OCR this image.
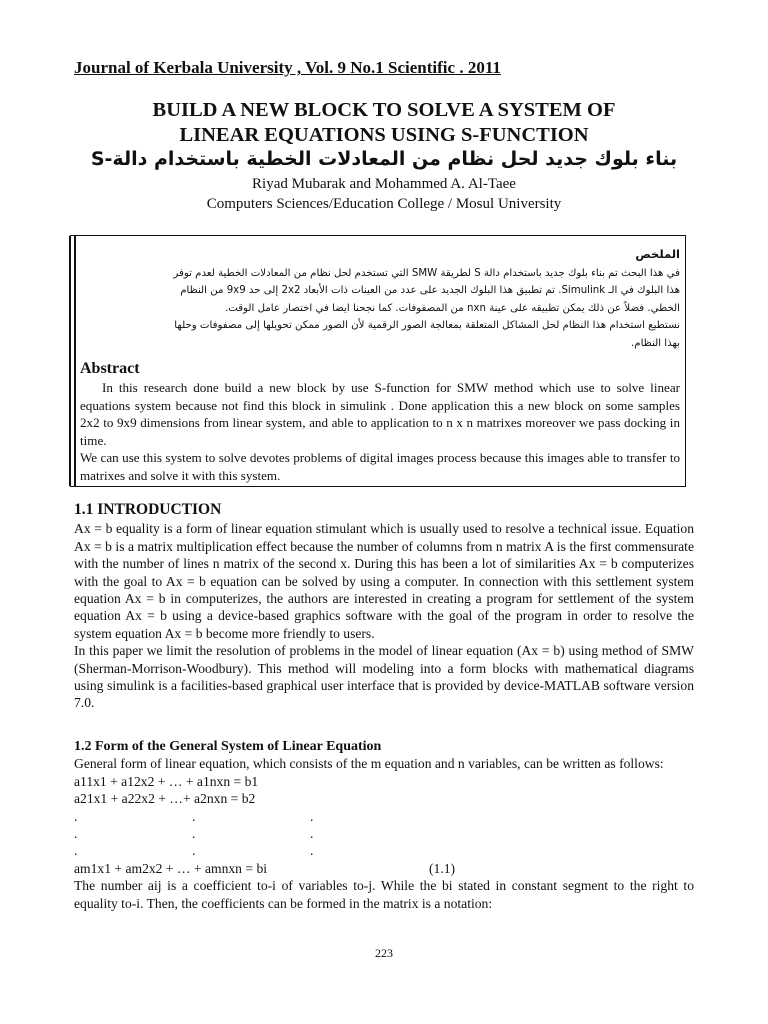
Journal of Kerbala University , Vol. 9 No.1 Scientific . 2011
BUILD A NEW BLOCK TO SOLVE A SYSTEM OF
LINEAR EQUATIONS USING S-FUNCTION
بناء بلوك جديد لحل نظام من المعادلات الخطية باستخدام دالة-S
Riyad Mubarak and Mohammed A. Al-Taee
Computers Sciences/Education College / Mosul University
الملخص
في هذا البحث تم بناء بلوك جديد باستخدام دالة S لطريقة SMW التي تستخدم لحل نظام من المعادلات الخطية لعدم توفر
هذا البلوك في الـ Simulink. تم تطبيق هذا البلوك الجديد على عدد من العينات ذات الأبعاد 2x2 إلى حد 9x9 من النظام
الخطي. فضلاً عن ذلك يمكن تطبيقه على عينة nxn من المصفوفات. كما نجحنا ايضا في اختصار عامل الوقت.
نستطيع استخدام هذا النظام لحل المشاكل المتعلقة بمعالجة الصور الرقمية لأن الصور ممكن تحويلها إلى مصفوفات وحلها
بهذا النظام.
Abstract

In this research done build a new block by use S-function for SMW method which use to solve linear equations system because not find this block in simulink . Done application this a new block on some samples 2x2 to 9x9 dimensions from linear system, and able to application to n x n matrixes moreover we pass docking in time.

We can use this system to solve devotes problems of digital images process because this images able to transfer to matrixes and solve it with this system.

1.1 INTRODUCTION

Ax = b equality is a form of linear equation stimulant which is usually used to resolve a technical issue. Equation Ax = b is a matrix multiplication effect because the number of columns from n matrix A is the first commensurate with the number of lines n matrix of the second x. During this has been a lot of similarities Ax = b computerizes with the goal to Ax = b equation can be solved by using a computer. In connection with this settlement system equation Ax = b in computerizes, the authors are interested in creating a program for settlement of the system equation Ax = b using a device-based graphics software with the goal of the program in order to resolve the system equation Ax = b become more friendly to users.

In this paper we limit the resolution of problems in the model of linear equation (Ax = b) using method of SMW (Sherman-Morrison-Woodbury). This method will modeling into a form blocks with mathematical diagrams using simulink is a facilities-based graphical user interface that is provided by device-MATLAB software version 7.0.

1.2 Form of the General System of Linear Equation

General form of linear equation, which consists of the m equation and n variables, can be written as follows:

a11x1 + a12x2 + … + a1nxn = b1
a21x1 + a22x2 + …+ a2nxn = b2
.	.	.
.	.	.
.	.	.
am1x1 + am2x2 + … + amnxn = bi	(1.1)

The number aij is a coefficient to-i of variables to-j. While the bi stated in constant segment to the right to equality to-i. Then, the coefficients can be formed in the matrix is a notation:

223
